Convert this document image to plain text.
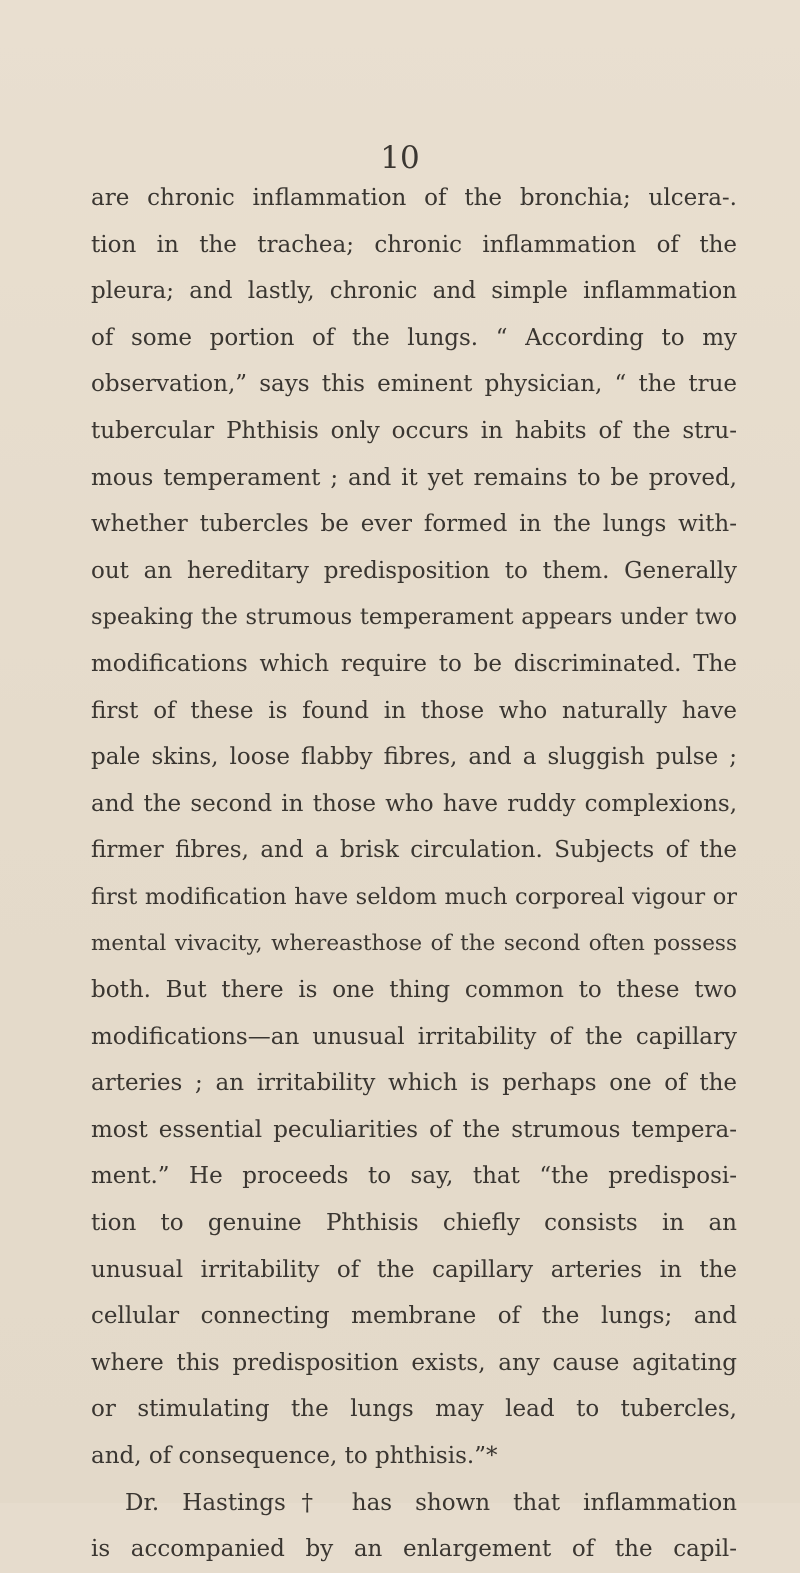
10
are chronic inflammation of the bronchia; ulcera-.
tion in the trachea; chronic inflammation of the
pleura; and lastly, chronic and simple inflammation
of some portion of the lungs. “ According to my
observation,” says this eminent physician, “ the true
tubercular Phthisis only occurs in habits of the stru-
mous temperament ; and it yet remains to be proved,
whether tubercles be ever formed in the lungs with-
out an hereditary predisposition to them. Generally
speaking the strumous temperament appears under two
modifications which require to be discriminated. The
first of these is found in those who naturally have
pale skins, loose flabby fibres, and a sluggish pulse ;
and the second in those who have ruddy complexions,
firmer fibres, and a brisk circulation. Subjects of the
first modification have seldom much corporeal vigour or
mental vivacity, whereasthose of the second often possess
both. But there is one thing common to these two
modifications—an unusual irritability of the capillary
arteries ; an irritability which is perhaps one of the
most essential peculiarities of the strumous tempera-
ment.” He proceeds to say, that “the predisposi-
tion to genuine Phthisis chiefly consists in an
unusual irritability of the capillary arteries in the
cellular connecting membrane of the lungs; and
where this predisposition exists, any cause agitating
or stimulating the lungs may lead to tubercles,
and, of consequence, to phthisis.”*
Dr. Hastings† has shown that inflammation
is accompanied by an enlargement of the capil-
